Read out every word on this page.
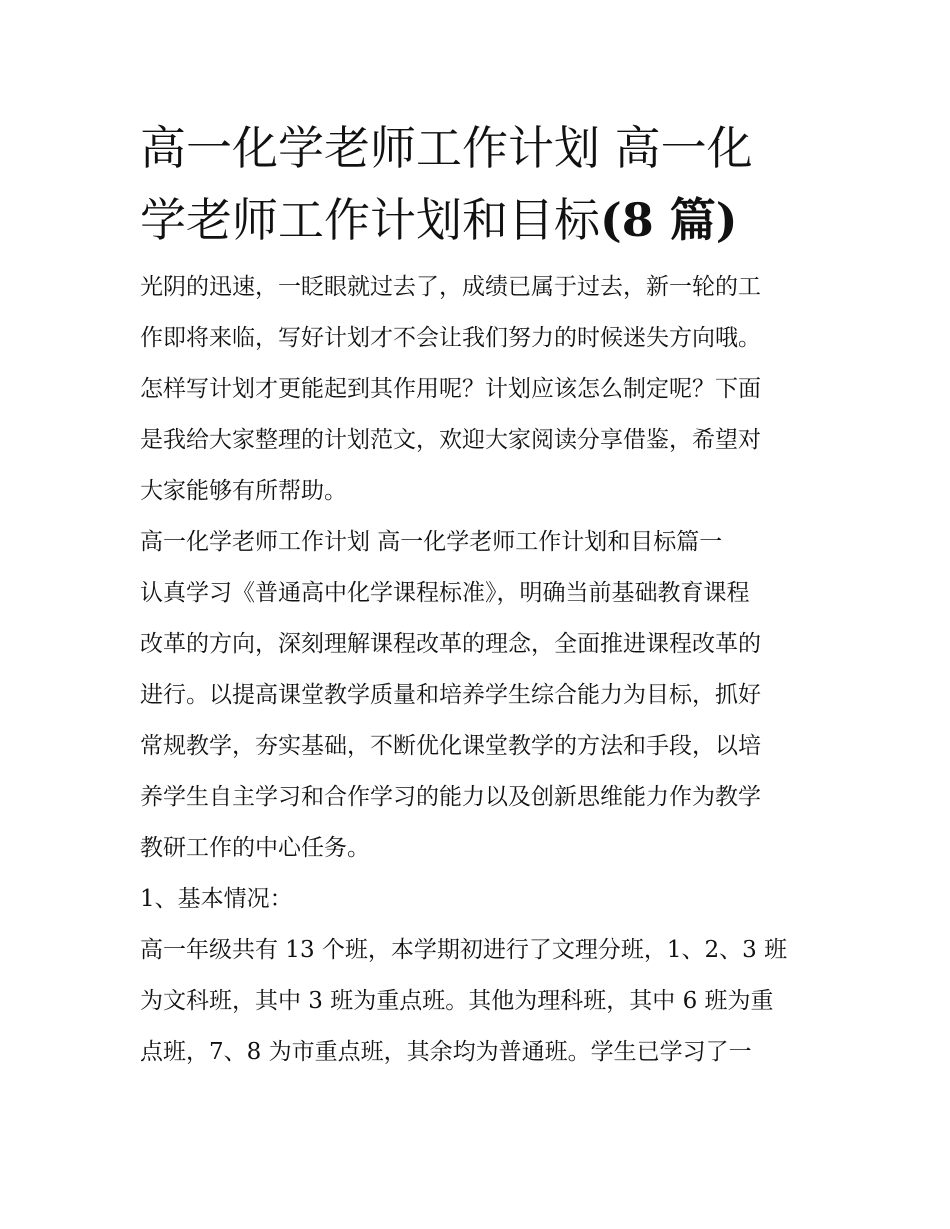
高一化学老师工作计划 高一化
学老师工作计划和目标(8 篇)

光阴的迅速，一眨眼就过去了，成绩已属于过去，新一轮的工
作即将来临，写好计划才不会让我们努力的时候迷失方向哦。
怎样写计划才更能起到其作用呢？计划应该怎么制定呢？下面
是我给大家整理的计划范文，欢迎大家阅读分享借鉴，希望对
大家能够有所帮助。

高一化学老师工作计划 高一化学老师工作计划和目标篇一

认真学习《普通高中化学课程标准》，明确当前基础教育课程
改革的方向，深刻理解课程改革的理念，全面推进课程改革的
进行。以提高课堂教学质量和培养学生综合能力为目标，抓好
常规教学，夯实基础，不断优化课堂教学的方法和手段，以培
养学生自主学习和合作学习的能力以及创新思维能力作为教学
教研工作的中心任务。

1、基本情况：

高一年级共有 13 个班，本学期初进行了文理分班，1、2、3 班
为文科班，其中 3 班为重点班。其他为理科班，其中 6 班为重
点班，7、8 为市重点班，其余均为普通班。学生已学习了一
